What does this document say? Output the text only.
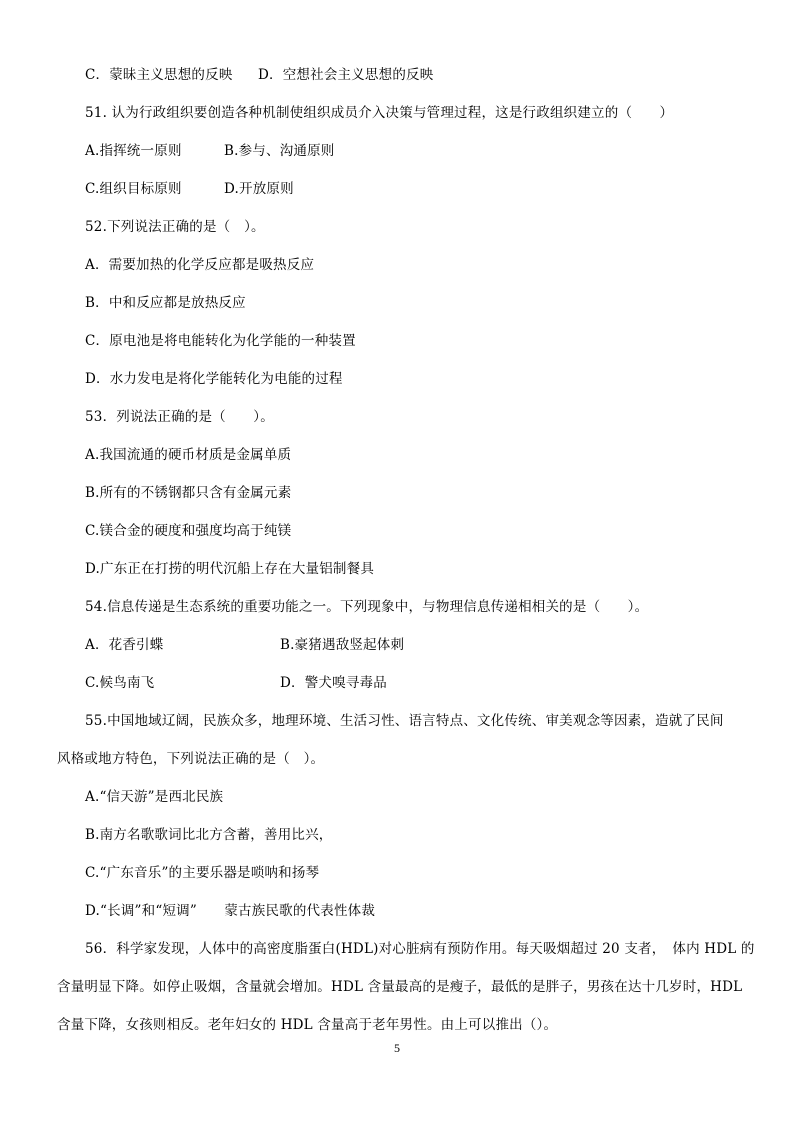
C．蒙昧主义思想的反映 D．空想社会主义思想的反映
51. 认为行政组织要创造各种机制使组织成员介入决策与管理过程，这是行政组织建立的（　　）
A.指挥统一原则	B.参与、沟通原则
C.组织目标原则	D.开放原则
52.下列说法正确的是（　）。
A．需要加热的化学反应都是吸热反应
B．中和反应都是放热反应
C．原电池是将电能转化为化学能的一种装置
D．水力发电是将化学能转化为电能的过程
53．列说法正确的是（　　）。
A.我国流通的硬币材质是金属单质
B.所有的不锈钢都只含有金属元素
C.镁合金的硬度和强度均高于纯镁
D.广东正在打捞的明代沉船上存在大量铝制餐具
54.信息传递是生态系统的重要功能之一。下列现象中，与物理信息传递相相关的是（　　）。
A．花香引蝶	B.豪猪遇敌竖起体刺
C.候鸟南飞	D．警犬嗅寻毒品
55.中国地域辽阔，民族众多，地理环境、生活习性、语言特点、文化传统、审美观念等因素，造就了民间
风格或地方特色，下列说法正确的是（　）。
A.“信天游”是西北民族
B.南方名歌歌词比北方含蓄，善用比兴，
C.“广东音乐”的主要乐器是唢呐和扬琴
D.“长调”和“短调”　　蒙古族民歌的代表性体裁
56．科学家发现，人体中的高密度脂蛋白(HDL)对心脏病有预防作用。每天吸烟超过 20 支者，　体内 HDL 的
含量明显下降。如停止吸烟，含量就会增加。HDL 含量最高的是瘦子，最低的是胖子，男孩在达十几岁时，HDL
含量下降，女孩则相反。老年妇女的 HDL 含量高于老年男性。由上可以推出（）。
5
